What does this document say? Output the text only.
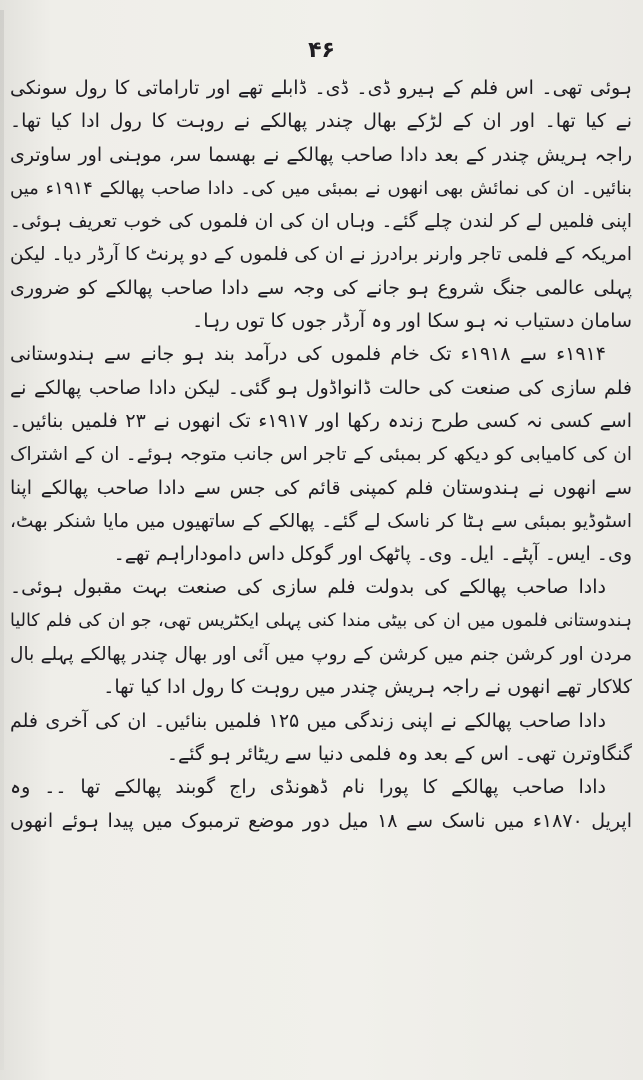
۴۶
ہوئی تھی۔ اس فلم کے ہیرو ڈی۔ ڈی۔ ڈابلے تھے اور تاراماتی کا رول سونکی
نے کیا تھا۔ اور ان کے لڑکے بھال چندر پھالکے نے روہت کا رول ادا کیا تھا۔
راجہ ہریش چندر کے بعد دادا صاحب پھالکے نے بھسما سر، موہنی اور ساوتری
بنائیں۔ ان کی نمائش بھی انھوں نے بمبئی میں کی۔ دادا صاحب پھالکے ۱۹۱۴ء میں
اپنی فلمیں لے کر لندن چلے گئے۔ وہاں ان کی ان فلموں کی خوب تعریف ہوئی۔
امریکہ کے فلمی تاجر وارنر برادرز نے ان کی فلموں کے دو پرنٹ کا آرڈر دیا۔ لیکن
پہلی عالمی جنگ شروع ہو جانے کی وجہ سے دادا صاحب پھالکے کو ضروری
سامان دستیاب نہ ہو سکا اور وہ آرڈر جوں کا توں رہا۔
۱۹۱۴ء سے ۱۹۱۸ء تک خام فلموں کی درآمد بند ہو جانے سے ہندوستانی
فلم سازی کی صنعت کی حالت ڈانواڈول ہو گئی۔ لیکن دادا صاحب پھالکے نے
اسے کسی نہ کسی طرح زندہ رکھا اور ۱۹۱۷ء تک انھوں نے ۲۳ فلمیں بنائیں۔
ان کی کامیابی کو دیکھ کر بمبئی کے تاجر اس جانب متوجہ ہوئے۔ ان کے اشتراک
سے انھوں نے ہندوستان فلم کمپنی قائم کی جس سے دادا صاحب پھالکے اپنا
اسٹوڈیو بمبئی سے ہٹا کر ناسک لے گئے۔ پھالکے کے ساتھیوں میں مایا شنکر بھٹ،
وی۔ ایس۔ آپٹے۔ ایل۔ وی۔ پاٹھک اور گوکل داس داموداراہم تھے۔
دادا صاحب پھالکے کی بدولت فلم سازی کی صنعت بہت مقبول ہوئی۔
ہندوستانی فلموں میں ان کی بیٹی مندا کنی پہلی ایکٹریس تھی، جو ان کی فلم کالیا
مردن اور کرشن جنم میں کرشن کے روپ میں آئی اور بھال چندر پھالکے پہلے بال
کلاکار تھے انھوں نے راجہ ہریش چندر میں روہت کا رول ادا کیا تھا۔
دادا صاحب پھالکے نے اپنی زندگی میں ۱۲۵ فلمیں بنائیں۔ ان کی آخری فلم
گنگاوترن تھی۔ اس کے بعد وہ فلمی دنیا سے ریٹائر ہو گئے۔
دادا صاحب پھالکے کا پورا نام ڈھونڈی راج گوبند پھالکے تھا ۔۔ وہ
اپریل ۱۸۷۰ء میں ناسک سے ۱۸ میل دور موضع ترمبوک میں پیدا ہوئے انھوں
